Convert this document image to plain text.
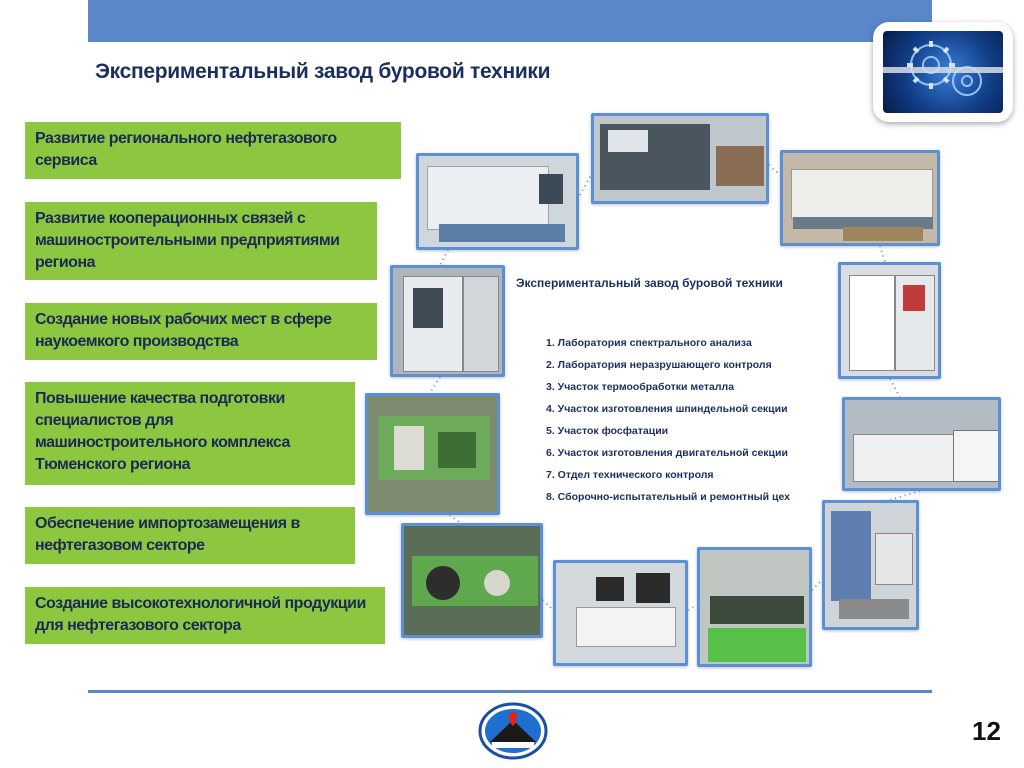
Экспериментальный завод буровой техники
Развитие регионального нефтегазового сервиса
Развитие кооперационных связей с машиностроительными предприятиями региона
Создание новых рабочих мест в сфере наукоемкого производства
Повышение качества подготовки специалистов для машиностроительного комплекса Тюменского региона
Обеспечение импортозамещения в нефтегазовом секторе
Создание высокотехнологичной продукции для нефтегазового сектора
Экспериментальный завод буровой техники
1. Лаборатория спектрального анализа
2. Лаборатория неразрушающего контроля
3. Участок термообработки металла
4. Участок изготовления шпиндельной секции
5. Участок фосфатации
6. Участок изготовления двигательной секции
7. Отдел технического контроля
8. Сборочно-испытательный и ремонтный цех
12
